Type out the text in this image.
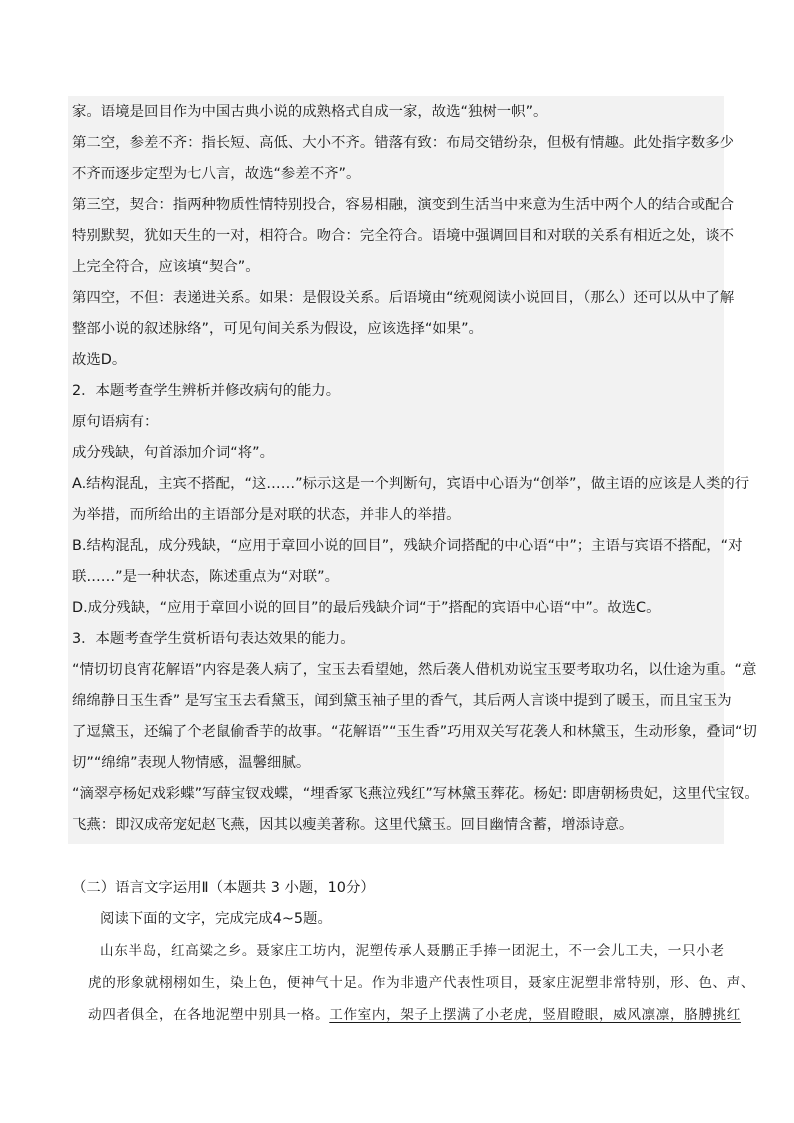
家。语境是回目作为中国古典小说的成熟格式自成一家，故选“独树一帜”。

第二空，参差不齐：指长短、高低、大小不齐。错落有致：布局交错纷杂，但极有情趣。此处指字数多少

不齐而逐步定型为七八言，故选“参差不齐”。

第三空，契合：指两种物质性情特别投合，容易相融，演变到生活当中来意为生活中两个人的结合或配合

特别默契，犹如天生的一对，相符合。吻合：完全符合。语境中强调回目和对联的关系有相近之处，谈不

上完全符合，应该填“契合”。

第四空，不但：表递进关系。如果：是假设关系。后语境由“统观阅读小说回目，（那么）还可以从中了解

整部小说的叙述脉络”，可见句间关系为假设，应该选择“如果”。

故选D。

2．本题考查学生辨析并修改病句的能力。

原句语病有：

成分残缺，句首添加介词“将”。

A.结构混乱，主宾不搭配，“这……”标示这是一个判断句，宾语中心语为“创举”，做主语的应该是人类的行

为举措，而所给出的主语部分是对联的状态，并非人的举措。

B.结构混乱，成分残缺，“应用于章回小说的回目”，残缺介词搭配的中心语“中”；主语与宾语不搭配，“对

联……”是一种状态，陈述重点为“对联”。

D.成分残缺，“应用于章回小说的回目”的最后残缺介词“于”搭配的宾语中心语“中”。故选C。

3．本题考查学生赏析语句表达效果的能力。

“情切切良宵花解语”内容是袭人病了，宝玉去看望她，然后袭人借机劝说宝玉要考取功名，以仕途为重。“意

绵绵静日玉生香” 是写宝玉去看黛玉，闻到黛玉袖子里的香气，其后两人言谈中提到了暖玉，而且宝玉为

了逗黛玉，还编了个老鼠偷香芋的故事。“花解语”“玉生香”巧用双关写花袭人和林黛玉，生动形象，叠词“切

切”“绵绵”表现人物情感，温馨细腻。

“滴翠亭杨妃戏彩蝶”写薛宝钗戏蝶，“埋香冢飞燕泣残红”写林黛玉葬花。杨妃: 即唐朝杨贵妃，这里代宝钗。

飞燕：即汉成帝宠妃赵飞燕，因其以瘦美著称。这里代黛玉。回目幽情含蓄，增添诗意。

（二）语言文字运用Ⅱ（本题共 3 小题，10分）

阅读下面的文字，完成完成4~5题。

山东半岛，红高粱之乡。聂家庄工坊内，泥塑传承人聂鹏正手捧一团泥土，不一会儿工夫，一只小老

虎的形象就栩栩如生，染上色，便神气十足。作为非遗产代表性项目，聂家庄泥塑非常特别，形、色、声、

动四者俱全，在各地泥塑中别具一格。工作室内，架子上摆满了小老虎，竖眉瞪眼，威风凛凛，胳膊挑红
